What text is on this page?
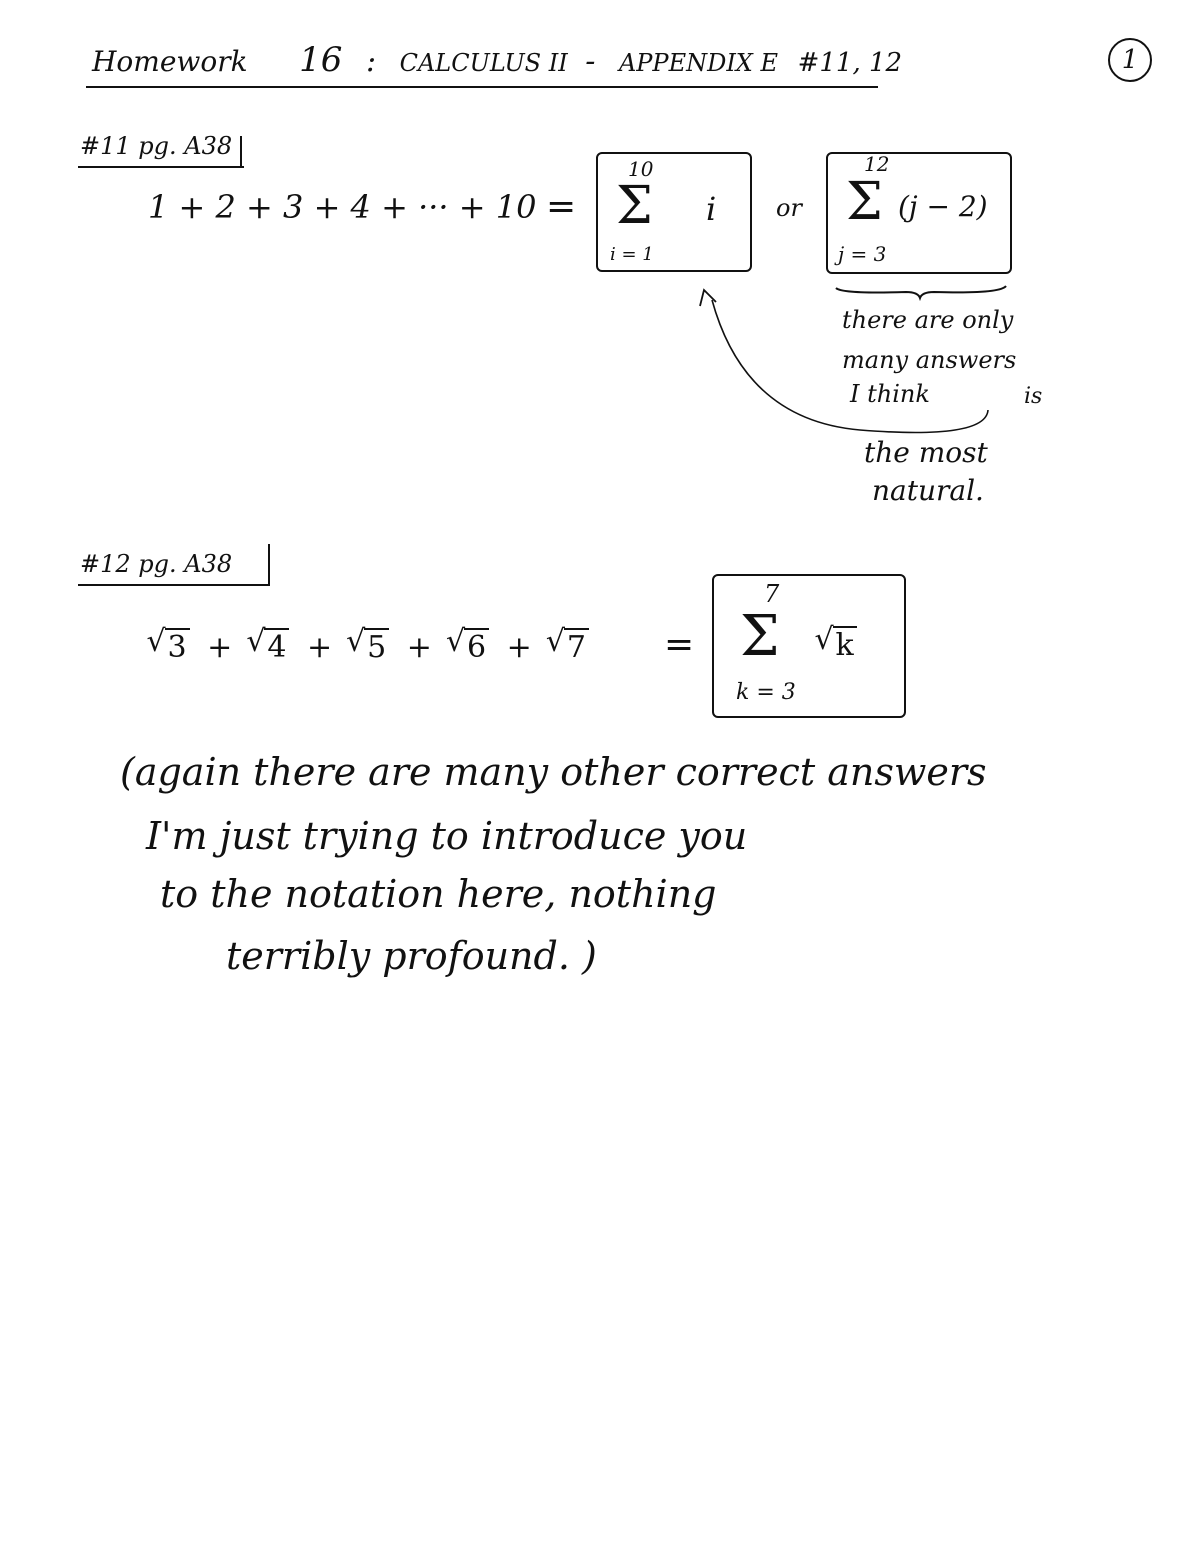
Homework 16 : CALCULUS II - APPENDIX E #11, 12	1
#11 pg. A38
1 + 2 + 3 + 4 + ··· + 10 =
10
Σ i
i = 1
or
12
Σ (j − 2)
j = 3
there are only
many answers
I think	is
the most
natural.
#12 pg. A38
√ 3 + √ 4 + √ 5 + √ 6 + √ 7 =
7
Σ	√ k
k = 3
(again there are many other correct answers
I'm just trying to introduce you
to the notation here, nothing
terribly profound. )
